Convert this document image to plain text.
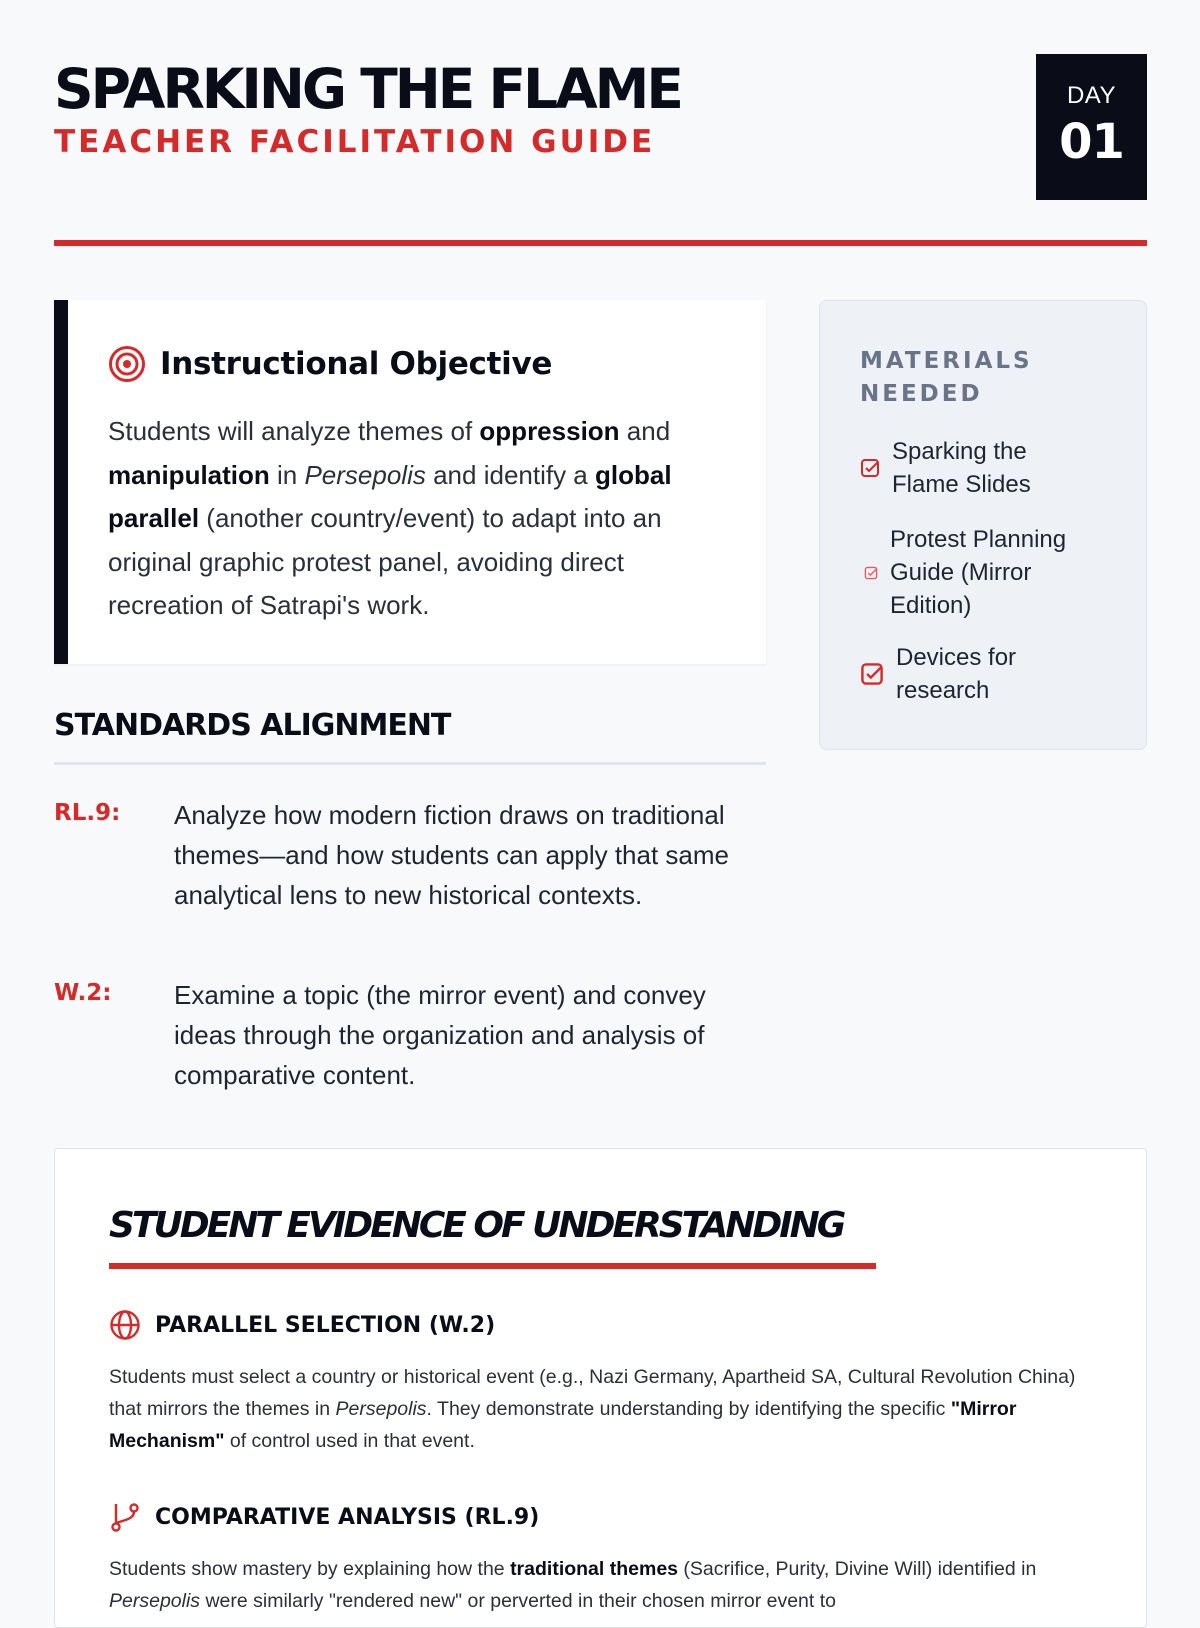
SPARKING THE FLAME
TEACHER FACILITATION GUIDE
DAY
01
Instructional Objective

Students will analyze themes of oppression and manipulation in Persepolis and identify a global parallel (another country/event) to adapt into an original graphic protest panel, avoiding direct recreation of Satrapi's work.

MATERIALS NEEDED
Sparking the Flame Slides
Protest Planning Guide (Mirror Edition)
Devices for research
STANDARDS ALIGNMENT
RL.9: Analyze how modern fiction draws on traditional themes—and how students can apply that same analytical lens to new historical contexts.
W.2: Examine a topic (the mirror event) and convey ideas through the organization and analysis of comparative content.
STUDENT EVIDENCE OF UNDERSTANDING
PARALLEL SELECTION (W.2)

Students must select a country or historical event (e.g., Nazi Germany, Apartheid SA, Cultural Revolution China) that mirrors the themes in Persepolis. They demonstrate understanding by identifying the specific "Mirror Mechanism" of control used in that event.

COMPARATIVE ANALYSIS (RL.9)

Students show mastery by explaining how the traditional themes (Sacrifice, Purity, Divine Will) identified in Persepolis were similarly "rendered new" or perverted in their chosen mirror event to
